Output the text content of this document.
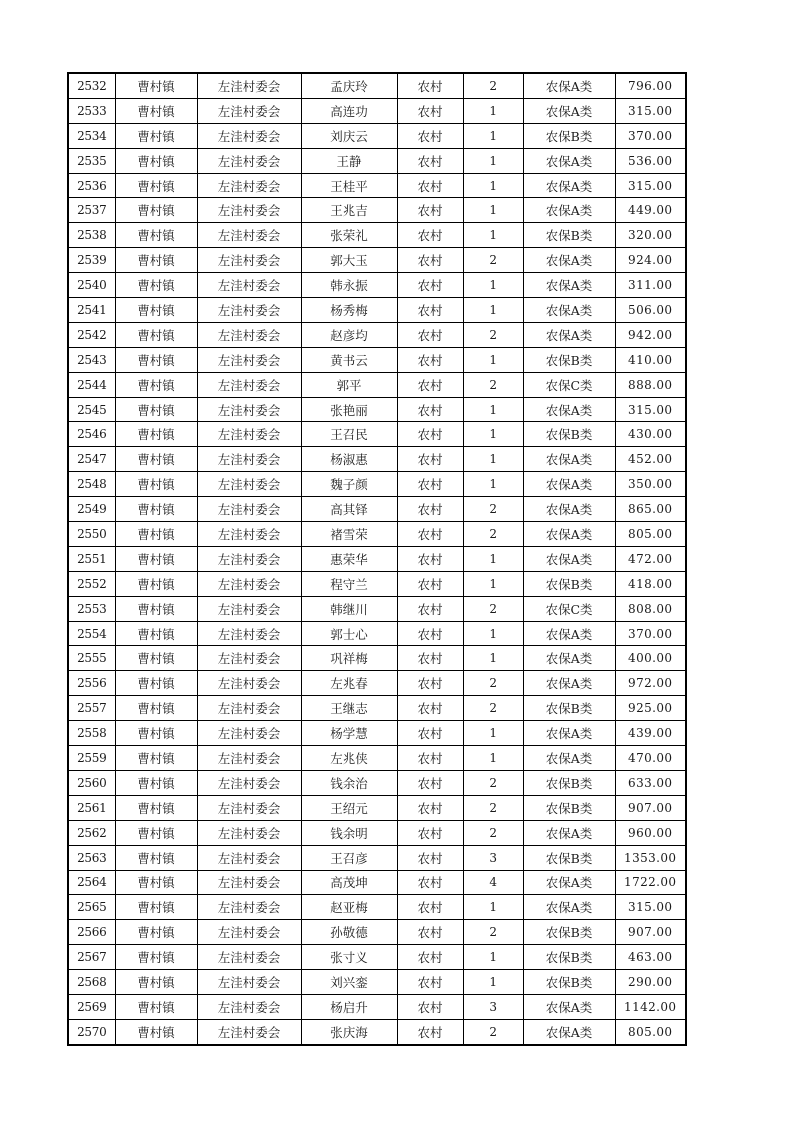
2532	曹村镇	左洼村委会	孟庆玲	农村	2	农保A类	796.00
2533	曹村镇	左洼村委会	高连功	农村	1	农保A类	315.00
2534	曹村镇	左洼村委会	刘庆云	农村	1	农保B类	370.00
2535	曹村镇	左洼村委会	王静	农村	1	农保A类	536.00
2536	曹村镇	左洼村委会	王桂平	农村	1	农保A类	315.00
2537	曹村镇	左洼村委会	王兆吉	农村	1	农保A类	449.00
2538	曹村镇	左洼村委会	张荣礼	农村	1	农保B类	320.00
2539	曹村镇	左洼村委会	郭大玉	农村	2	农保A类	924.00
2540	曹村镇	左洼村委会	韩永振	农村	1	农保A类	311.00
2541	曹村镇	左洼村委会	杨秀梅	农村	1	农保A类	506.00
2542	曹村镇	左洼村委会	赵彦均	农村	2	农保A类	942.00
2543	曹村镇	左洼村委会	黄书云	农村	1	农保B类	410.00
2544	曹村镇	左洼村委会	郭平	农村	2	农保C类	888.00
2545	曹村镇	左洼村委会	张艳丽	农村	1	农保A类	315.00
2546	曹村镇	左洼村委会	王召民	农村	1	农保B类	430.00
2547	曹村镇	左洼村委会	杨淑惠	农村	1	农保A类	452.00
2548	曹村镇	左洼村委会	魏子颜	农村	1	农保A类	350.00
2549	曹村镇	左洼村委会	高其铎	农村	2	农保A类	865.00
2550	曹村镇	左洼村委会	褚雪荣	农村	2	农保A类	805.00
2551	曹村镇	左洼村委会	惠荣华	农村	1	农保A类	472.00
2552	曹村镇	左洼村委会	程守兰	农村	1	农保B类	418.00
2553	曹村镇	左洼村委会	韩继川	农村	2	农保C类	808.00
2554	曹村镇	左洼村委会	郭士心	农村	1	农保A类	370.00
2555	曹村镇	左洼村委会	巩祥梅	农村	1	农保A类	400.00
2556	曹村镇	左洼村委会	左兆春	农村	2	农保A类	972.00
2557	曹村镇	左洼村委会	王继志	农村	2	农保B类	925.00
2558	曹村镇	左洼村委会	杨学慧	农村	1	农保A类	439.00
2559	曹村镇	左洼村委会	左兆侠	农村	1	农保A类	470.00
2560	曹村镇	左洼村委会	钱余治	农村	2	农保B类	633.00
2561	曹村镇	左洼村委会	王绍元	农村	2	农保B类	907.00
2562	曹村镇	左洼村委会	钱余明	农村	2	农保A类	960.00
2563	曹村镇	左洼村委会	王召彦	农村	3	农保B类	1353.00
2564	曹村镇	左洼村委会	高茂坤	农村	4	农保A类	1722.00
2565	曹村镇	左洼村委会	赵亚梅	农村	1	农保A类	315.00
2566	曹村镇	左洼村委会	孙敬德	农村	2	农保B类	907.00
2567	曹村镇	左洼村委会	张寸义	农村	1	农保B类	463.00
2568	曹村镇	左洼村委会	刘兴銮	农村	1	农保B类	290.00
2569	曹村镇	左洼村委会	杨启升	农村	3	农保A类	1142.00
2570	曹村镇	左洼村委会	张庆海	农村	2	农保A类	805.00
